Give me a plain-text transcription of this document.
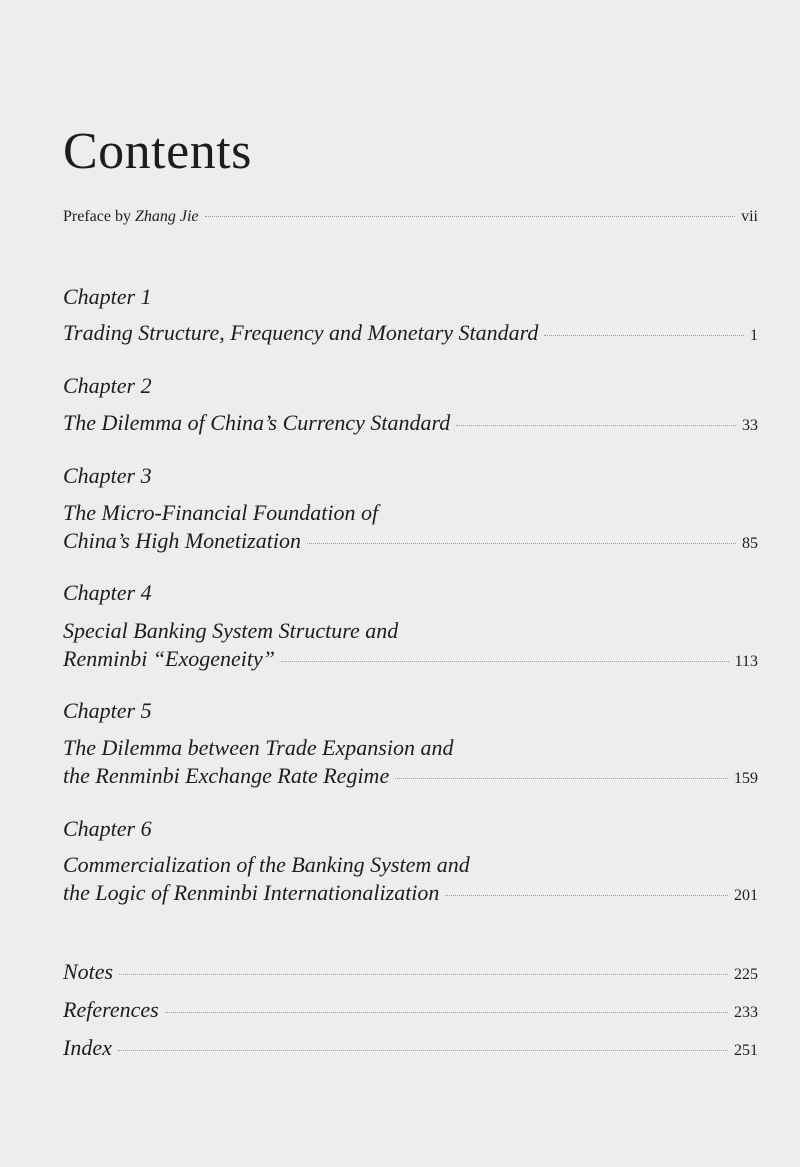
Contents
Preface by Zhang Jie	vii
Chapter 1
Trading Structure, Frequency and Monetary Standard	1
Chapter 2
The Dilemma of China’s Currency Standard	33
Chapter 3
The Micro-Financial Foundation of
China’s High Monetization	85
Chapter 4
Special Banking System Structure and
Renminbi “Exogeneity”	113
Chapter 5
The Dilemma between Trade Expansion and
the Renminbi Exchange Rate Regime	159
Chapter 6
Commercialization of the Banking System and
the Logic of Renminbi Internationalization	201
Notes	225
References	233
Index	251
